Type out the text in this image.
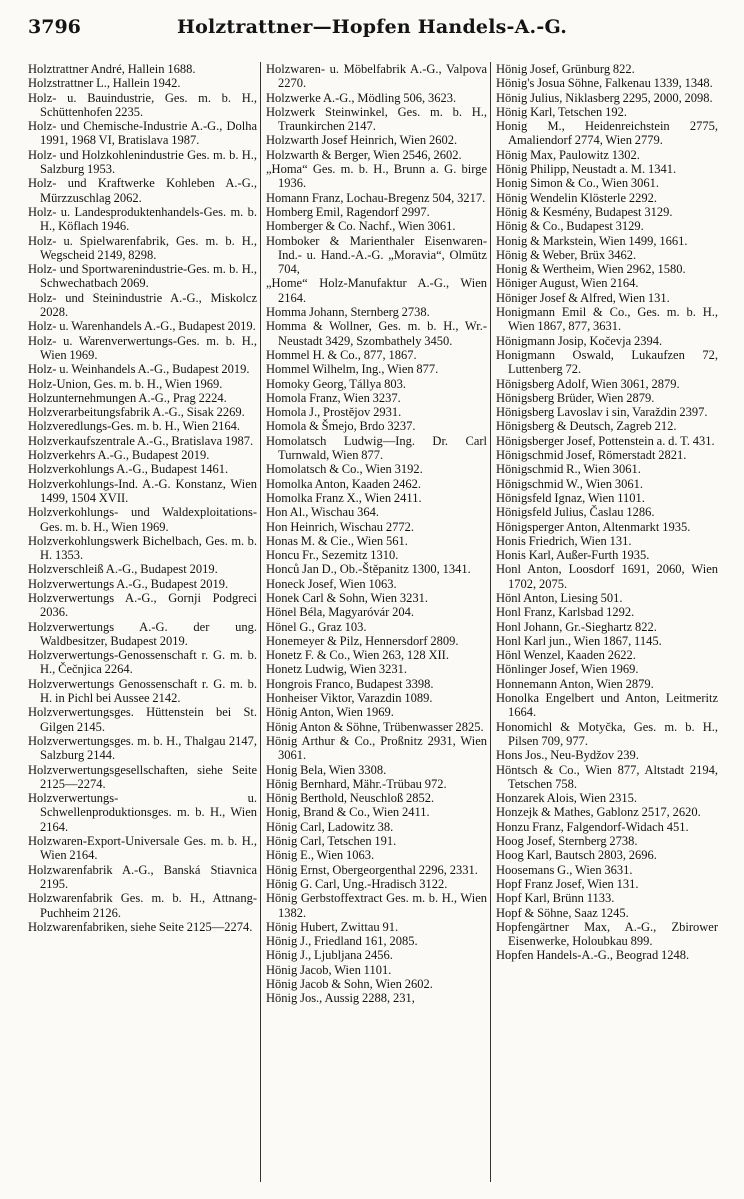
3796	Holztrattner—Hopfen Handels-A.-G.

Holztrattner André, Hallein 1688.

Holzstrattner L., Hallein 1942.

Holz- u. Bauindustrie, Ges. m. b. H., Schüttenhofen 2235.

Holz- und Chemische-Industrie A.-G., Dolha 1991, 1968 VI, Bratislava 1987.

Holz- und Holzkohlenindustrie Ges. m. b. H., Salzburg 1953.

Holz- und Kraftwerke Kohleben A.-G., Mürzzuschlag 2062.

Holz- u. Landesproduktenhandels-Ges. m. b. H., Köflach 1946.

Holz- u. Spielwarenfabrik, Ges. m. b. H., Wegscheid 2149, 8298.

Holz- und Sportwarenindustrie-Ges. m. b. H., Schwechatbach 2069.

Holz- und Steinindustrie A.-G., Miskolcz 2028.

Holz- u. Warenhandels A.-G., Budapest 2019.

Holz- u. Warenverwertungs-Ges. m. b. H., Wien 1969.

Holz- u. Weinhandels A.-G., Budapest 2019.

Holz-Union, Ges. m. b. H., Wien 1969.

Holzunternehmungen A.-G., Prag 2224.

Holzverarbeitungsfabrik A.-G., Sisak 2269.

Holzveredlungs-Ges. m. b. H., Wien 2164.

Holzverkaufszentrale A.-G., Bratislava 1987.

Holzverkehrs A.-G., Budapest 2019.

Holzverkohlungs A.-G., Budapest 1461.

Holzverkohlungs-Ind. A.-G. Konstanz, Wien 1499, 1504 XVII.

Holzverkohlungs- und Waldexploitations-Ges. m. b. H., Wien 1969.

Holzverkohlungswerk Bichelbach, Ges. m. b. H. 1353.

Holzverschleiß A.-G., Budapest 2019.

Holzverwertungs A.-G., Budapest 2019.

Holzverwertungs A.-G., Gornji Podgreci 2036.

Holzverwertungs A.-G. der ung. Waldbesitzer, Budapest 2019.

Holzverwertungs-Genossenschaft r. G. m. b. H., Čečnjica 2264.

Holzverwertungs Genossenschaft r. G. m. b. H. in Pichl bei Aussee 2142.

Holzverwertungsges. Hüttenstein bei St. Gilgen 2145.

Holzverwertungsges. m. b. H., Thalgau 2147, Salzburg 2144.

Holzverwertungsgesellschaften, siehe Seite 2125—2274.

Holzverwertungs- u. Schwellenproduktionsges. m. b. H., Wien 2164.

Holzwaren-Export-Universale Ges. m. b. H., Wien 2164.

Holzwarenfabrik A.-G., Banská Stiavnica 2195.

Holzwarenfabrik Ges. m. b. H., Attnang-Puchheim 2126.

Holzwarenfabriken, siehe Seite 2125—2274.

Holzwaren- u. Möbelfabrik A.-G., Valpova 2270.

Holzwerke A.-G., Mödling 506, 3623.

Holzwerk Steinwinkel, Ges. m. b. H., Traunkirchen 2147.

Holzwarth Josef Heinrich, Wien 2602.

Holzwarth & Berger, Wien 2546, 2602.

„Homa“ Ges. m. b. H., Brunn a. G. birge 1936.

Homann Franz, Lochau-Bregenz 504, 3217.

Homberg Emil, Ragendorf 2997.

Homberger & Co. Nachf., Wien 3061.

Homboker & Marienthaler Eisenwaren-Ind.- u. Hand.-A.-G. „Moravia“, Olmütz 704,

„Home“ Holz-Manufaktur A.-G., Wien 2164.

Homma Johann, Sternberg 2738.

Homma & Wollner, Ges. m. b. H., Wr.-Neustadt 3429, Szombathely 3450.

Hommel H. & Co., 877, 1867.

Hommel Wilhelm, Ing., Wien 877.

Homoky Georg, Tállya 803.

Homola Franz, Wien 3237.

Homola J., Prostějov 2931.

Homola & Šmejo, Brdo 3237.

Homolatsch Ludwig—Ing. Dr. Carl Turnwald, Wien 877.

Homolatsch & Co., Wien 3192.

Homolka Anton, Kaaden 2462.

Homolka Franz X., Wien 2411.

Hon Al., Wischau 364.

Hon Heinrich, Wischau 2772.

Honas M. & Cie., Wien 561.

Honcu Fr., Sezemitz 1310.

Honců Jan D., Ob.-Štěpanitz 1300, 1341.

Honeck Josef, Wien 1063.

Honek Carl & Sohn, Wien 3231.

Hönel Béla, Magyaróvár 204.

Hönel G., Graz 103.

Honemeyer & Pilz, Hennersdorf 2809.

Honetz F. & Co., Wien 263, 128 XII.

Honetz Ludwig, Wien 3231.

Hongrois Franco, Budapest 3398.

Honheiser Viktor, Varazdin 1089.

Hönig Anton, Wien 1969.

Hönig Anton & Söhne, Trübenwasser 2825.

Hönig Arthur & Co., Proßnitz 2931, Wien 3061.

Honig Bela, Wien 3308.

Hönig Bernhard, Mähr.-Trübau 972.

Hönig Berthold, Neuschloß 2852.

Honig, Brand & Co., Wien 2411.

Hönig Carl, Ladowitz 38.

Hönig Carl, Tetschen 191.

Hönig E., Wien 1063.

Hönig Ernst, Obergeorgenthal 2296, 2331.

Hönig G. Carl, Ung.-Hradisch 3122.

Hönig Gerbstoffextract Ges. m. b. H., Wien 1382.

Hönig Hubert, Zwittau 91.

Hönig J., Friedland 161, 2085.

Hönig J., Ljubljana 2456.

Hönig Jacob, Wien 1101.

Hönig Jacob & Sohn, Wien 2602.

Hönig Jos., Aussig 2288, 231,

Hönig Josef, Grünburg 822.

Hönig's Josua Söhne, Falkenau 1339, 1348.

Hönig Julius, Niklasberg 2295, 2000, 2098.

Hönig Karl, Tetschen 192.

Honig M., Heidenreichstein 2775, Amaliendorf 2774, Wien 2779.

Hönig Max, Paulowitz 1302.

Hönig Philipp, Neustadt a. M. 1341.

Honig Simon & Co., Wien 3061.

Hönig Wendelin Klösterle 2292.

Hönig & Kesmény, Budapest 3129.

Hönig & Co., Budapest 3129.

Honig & Markstein, Wien 1499, 1661.

Hönig & Weber, Brüx 3462.

Honig & Wertheim, Wien 2962, 1580.

Höniger August, Wien 2164.

Höniger Josef & Alfred, Wien 131.

Honigmann Emil & Co., Ges. m. b. H., Wien 1867, 877, 3631.

Hönigmann Josip, Kočevja 2394.

Honigmann Oswald, Lukaufzen 72, Luttenberg 72.

Hönigsberg Adolf, Wien 3061, 2879.

Hönigsberg Brüder, Wien 2879.

Hönigsberg Lavoslav i sin, Varaždin 2397.

Hönigsberg & Deutsch, Zagreb 212.

Hönigsberger Josef, Pottenstein a. d. T. 431.

Hönigschmid Josef, Römerstadt 2821.

Hönigschmid R., Wien 3061.

Hönigschmid W., Wien 3061.

Hönigsfeld Ignaz, Wien 1101.

Hönigsfeld Julius, Časlau 1286.

Hönigsperger Anton, Altenmarkt 1935.

Honis Friedrich, Wien 131.

Honis Karl, Außer-Furth 1935.

Honl Anton, Loosdorf 1691, 2060, Wien 1702, 2075.

Hönl Anton, Liesing 501.

Honl Franz, Karlsbad 1292.

Honl Johann, Gr.-Sieghartz 822.

Honl Karl jun., Wien 1867, 1145.

Hönl Wenzel, Kaaden 2622.

Hönlinger Josef, Wien 1969.

Honnemann Anton, Wien 2879.

Honolka Engelbert und Anton, Leitmeritz 1664.

Honomichl & Motyčka, Ges. m. b. H., Pilsen 709, 977.

Hons Jos., Neu-Bydžov 239.

Höntsch & Co., Wien 877, Altstadt 2194, Tetschen 758.

Honzarek Alois, Wien 2315.

Honzejk & Mathes, Gablonz 2517, 2620.

Honzu Franz, Falgendorf-Widach 451.

Hoog Josef, Sternberg 2738.

Hoog Karl, Bautsch 2803, 2696.

Hoosemans G., Wien 3631.

Hopf Franz Josef, Wien 131.

Hopf Karl, Brünn 1133.

Hopf & Söhne, Saaz 1245.

Hopfengärtner Max, A.-G., Zbirower Eisenwerke, Holoubkau 899.

Hopfen Handels-A.-G., Beograd 1248.
